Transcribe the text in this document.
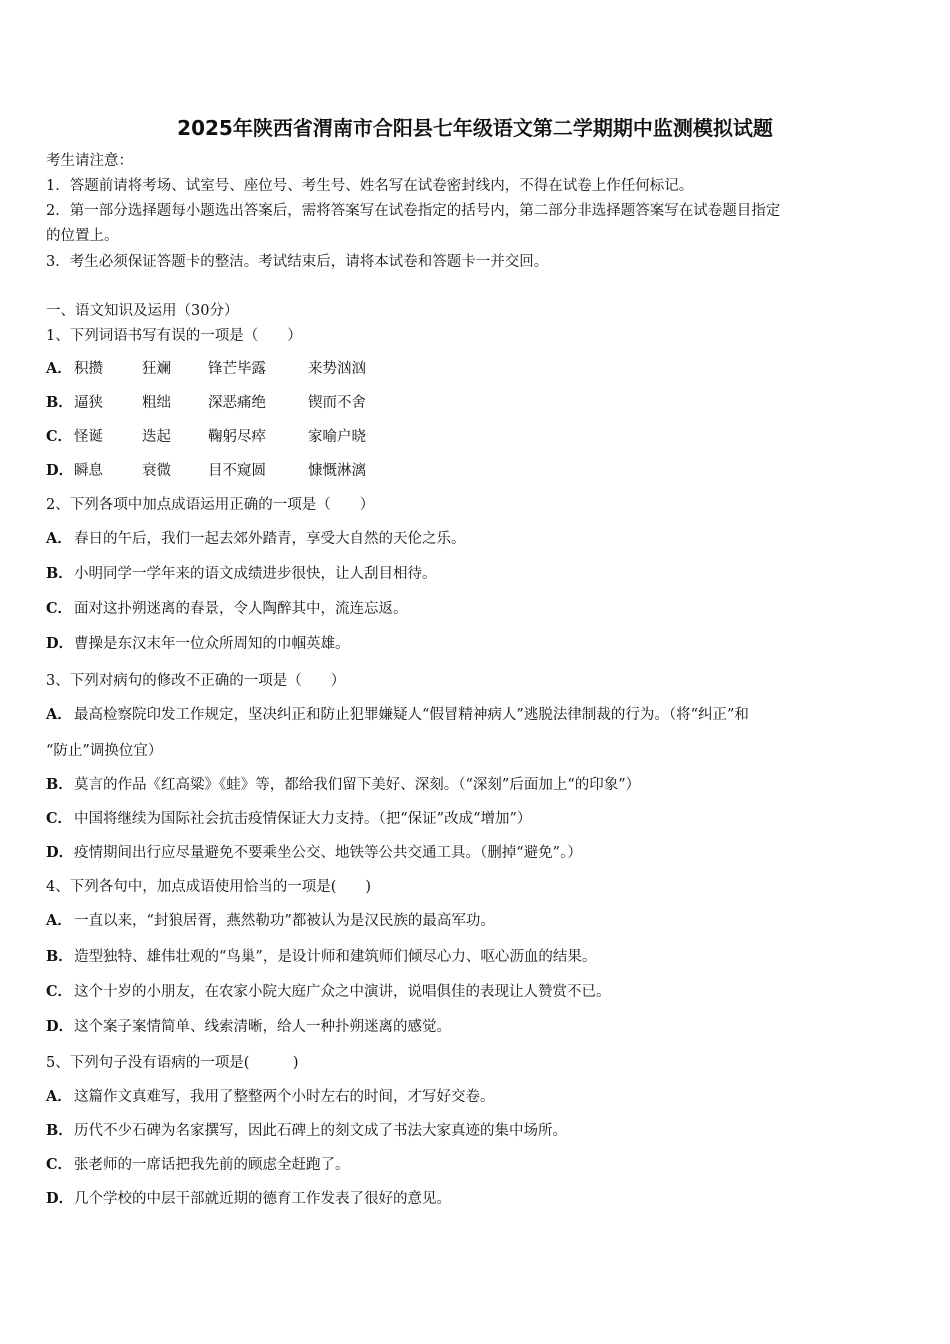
2025年陕西省渭南市合阳县七年级语文第二学期期中监测模拟试题
考生请注意：
1．答题前请将考场、试室号、座位号、考生号、姓名写在试卷密封线内，不得在试卷上作任何标记。
2．第一部分选择题每小题选出答案后，需将答案写在试卷指定的括号内，第二部分非选择题答案写在试卷题目指定
的位置上。
3．考生必须保证答题卡的整洁。考试结束后，请将本试卷和答题卡一并交回。
一、语文知识及运用（30分）
1、下列词语书写有误的一项是（　　）
A． 积攒	狂斓	锋芒毕露	来势汹汹
B．逼狭	粗绌	深恶痛绝	锲而不舍
C． 怪诞	迭起	鞠躬尽瘁	家喻户晓
D．瞬息	衰微	目不窥圆	慷慨淋漓
2、下列各项中加点成语运用正确的一项是（　　）
A． 春日的午后，我们一起去郊外踏青，享受大自然的天伦之乐。
B．小明同学一学年来的语文成绩进步很快，让人刮目相待。
C． 面对这扑朔迷离的春景，令人陶醉其中，流连忘返。
D．曹操是东汉末年一位众所周知的巾帼英雄。
3、下列对病句的修改不正确的一项是（　　）
A． 最高检察院印发工作规定，坚决纠正和防止犯罪嫌疑人“假冒精神病人”逃脱法律制裁的行为。（将“纠正”和
“防止”调换位宜）
B．莫言的作品《红高粱》《蛙》等，都给我们留下美好、深刻。（“深刻”后面加上“的印象”）
C． 中国将继续为国际社会抗击疫情保证大力支持。（把“保证”改成“增加”）
D．疫情期间出行应尽量避免不要乘坐公交、地铁等公共交通工具。（删掉“避免”。）
4、下列各句中，加点成语使用恰当的一项是(　　)
A． 一直以来，“封狼居胥，燕然勒功”都被认为是汉民族的最高军功。
B．造型独特、雄伟壮观的“鸟巢”，是设计师和建筑师们倾尽心力、呕心沥血的结果。
C． 这个十岁的小朋友，在农家小院大庭广众之中演讲，说唱俱佳的表现让人赞赏不已。
D．这个案子案情简单、线索清晰，给人一种扑朔迷离的感觉。
5、下列句子没有语病的一项是(　　　)
A． 这篇作文真难写，我用了整整两个小时左右的时间，才写好交卷。
B．历代不少石碑为名家撰写，因此石碑上的刻文成了书法大家真迹的集中场所。
C． 张老师的一席话把我先前的顾虑全赶跑了。
D．几个学校的中层干部就近期的德育工作发表了很好的意见。
